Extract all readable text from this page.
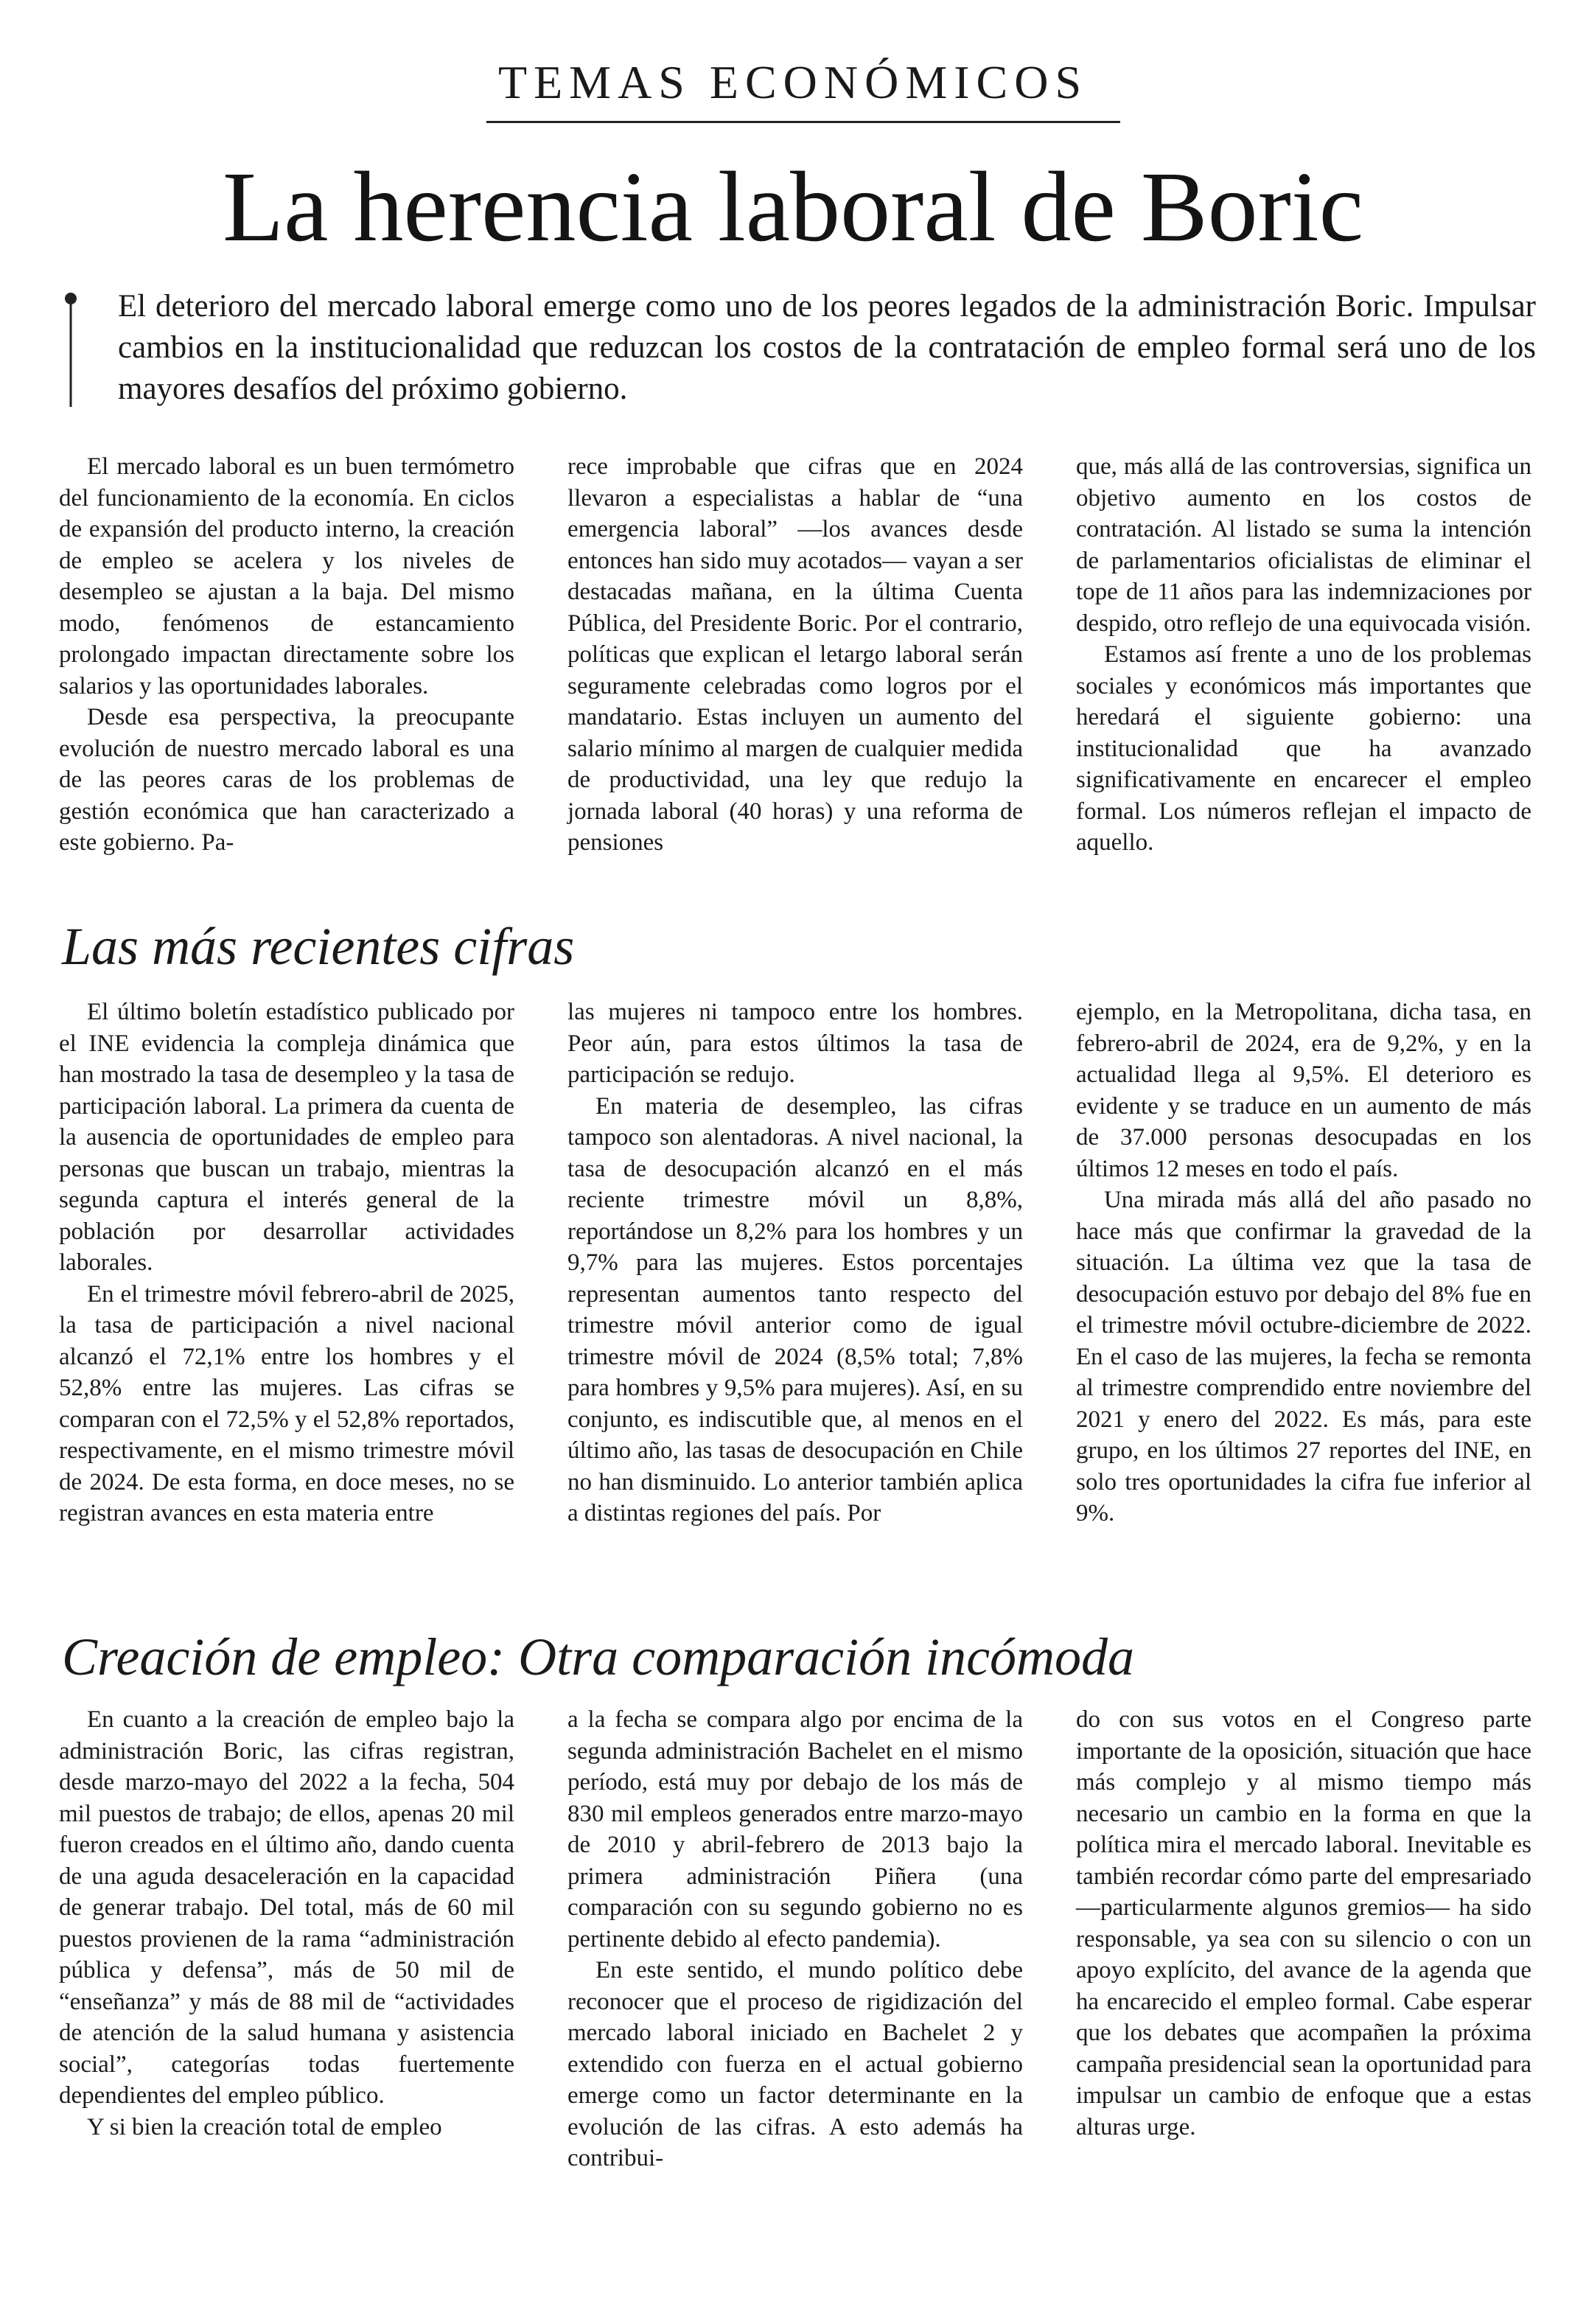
TEMAS ECONÓMICOS
La herencia laboral de Boric
El deterioro del mercado laboral emerge como uno de los peores legados de la administración Boric. Impulsar cambios en la institucionalidad que reduzcan los costos de la contratación de empleo formal será uno de los mayores desafíos del próximo gobierno.

El mercado laboral es un buen termómetro del funcionamiento de la economía. En ciclos de expansión del producto interno, la creación de empleo se acelera y los niveles de desempleo se ajustan a la baja. Del mismo modo, fenómenos de estancamiento prolongado impactan directamente sobre los salarios y las oportunidades laborales.

Desde esa perspectiva, la preocupante evolución de nuestro mercado laboral es una de las peores caras de los problemas de gestión económica que han caracterizado a este gobierno. Pa-

rece improbable que cifras que en 2024 llevaron a especialistas a hablar de “una emergencia laboral” —los avances desde entonces han sido muy acotados— vayan a ser destacadas mañana, en la última Cuenta Pública, del Presidente Boric. Por el contrario, políticas que explican el letargo laboral serán seguramente celebradas como logros por el mandatario. Estas incluyen un aumento del salario mínimo al margen de cualquier medida de productividad, una ley que redujo la jornada laboral (40 horas) y una reforma de pensiones

que, más allá de las controversias, significa un objetivo aumento en los costos de contratación. Al listado se suma la intención de parlamentarios oficialistas de eliminar el tope de 11 años para las indemnizaciones por despido, otro reflejo de una equivocada visión.

Estamos así frente a uno de los problemas sociales y económicos más importantes que heredará el siguiente gobierno: una institucionalidad que ha avanzado significativamente en encarecer el empleo formal. Los números reflejan el impacto de aquello.

Las más recientes cifras

El último boletín estadístico publicado por el INE evidencia la compleja dinámica que han mostrado la tasa de desempleo y la tasa de participación laboral. La primera da cuenta de la ausencia de oportunidades de empleo para personas que buscan un trabajo, mientras la segunda captura el interés general de la población por desarrollar actividades laborales.

En el trimestre móvil febrero-abril de 2025, la tasa de participación a nivel nacional alcanzó el 72,1% entre los hombres y el 52,8% entre las mujeres. Las cifras se comparan con el 72,5% y el 52,8% reportados, respectivamente, en el mismo trimestre móvil de 2024. De esta forma, en doce meses, no se registran avances en esta materia entre

las mujeres ni tampoco entre los hombres. Peor aún, para estos últimos la tasa de participación se redujo.

En materia de desempleo, las cifras tampoco son alentadoras. A nivel nacional, la tasa de desocupación alcanzó en el más reciente trimestre móvil un 8,8%, reportándose un 8,2% para los hombres y un 9,7% para las mujeres. Estos porcentajes representan aumentos tanto respecto del trimestre móvil anterior como de igual trimestre móvil de 2024 (8,5% total; 7,8% para hombres y 9,5% para mujeres). Así, en su conjunto, es indiscutible que, al menos en el último año, las tasas de desocupación en Chile no han disminuido. Lo anterior también aplica a distintas regiones del país. Por

ejemplo, en la Metropolitana, dicha tasa, en febrero-abril de 2024, era de 9,2%, y en la actualidad llega al 9,5%. El deterioro es evidente y se traduce en un aumento de más de 37.000 personas desocupadas en los últimos 12 meses en todo el país.

Una mirada más allá del año pasado no hace más que confirmar la gravedad de la situación. La última vez que la tasa de desocupación estuvo por debajo del 8% fue en el trimestre móvil octubre-diciembre de 2022. En el caso de las mujeres, la fecha se remonta al trimestre comprendido entre noviembre del 2021 y enero del 2022. Es más, para este grupo, en los últimos 27 reportes del INE, en solo tres oportunidades la cifra fue inferior al 9%.

Creación de empleo: Otra comparación incómoda

En cuanto a la creación de empleo bajo la administración Boric, las cifras registran, desde marzo-mayo del 2022 a la fecha, 504 mil puestos de trabajo; de ellos, apenas 20 mil fueron creados en el último año, dando cuenta de una aguda desaceleración en la capacidad de generar trabajo. Del total, más de 60 mil puestos provienen de la rama “administración pública y defensa”, más de 50 mil de “enseñanza” y más de 88 mil de “actividades de atención de la salud humana y asistencia social”, categorías todas fuertemente dependientes del empleo público.

Y si bien la creación total de empleo

a la fecha se compara algo por encima de la segunda administración Bachelet en el mismo período, está muy por debajo de los más de 830 mil empleos generados entre marzo-mayo de 2010 y abril-febrero de 2013 bajo la primera administración Piñera (una comparación con su segundo gobierno no es pertinente debido al efecto pandemia).

En este sentido, el mundo político debe reconocer que el proceso de rigidización del mercado laboral iniciado en Bachelet 2 y extendido con fuerza en el actual gobierno emerge como un factor determinante en la evolución de las cifras. A esto además ha contribui-

do con sus votos en el Congreso parte importante de la oposición, situación que hace más complejo y al mismo tiempo más necesario un cambio en la forma en que la política mira el mercado laboral. Inevitable es también recordar cómo parte del empresariado —particularmente algunos gremios— ha sido responsable, ya sea con su silencio o con un apoyo explícito, del avance de la agenda que ha encarecido el empleo formal. Cabe esperar que los debates que acompañen la próxima campaña presidencial sean la oportunidad para impulsar un cambio de enfoque que a estas alturas urge.
